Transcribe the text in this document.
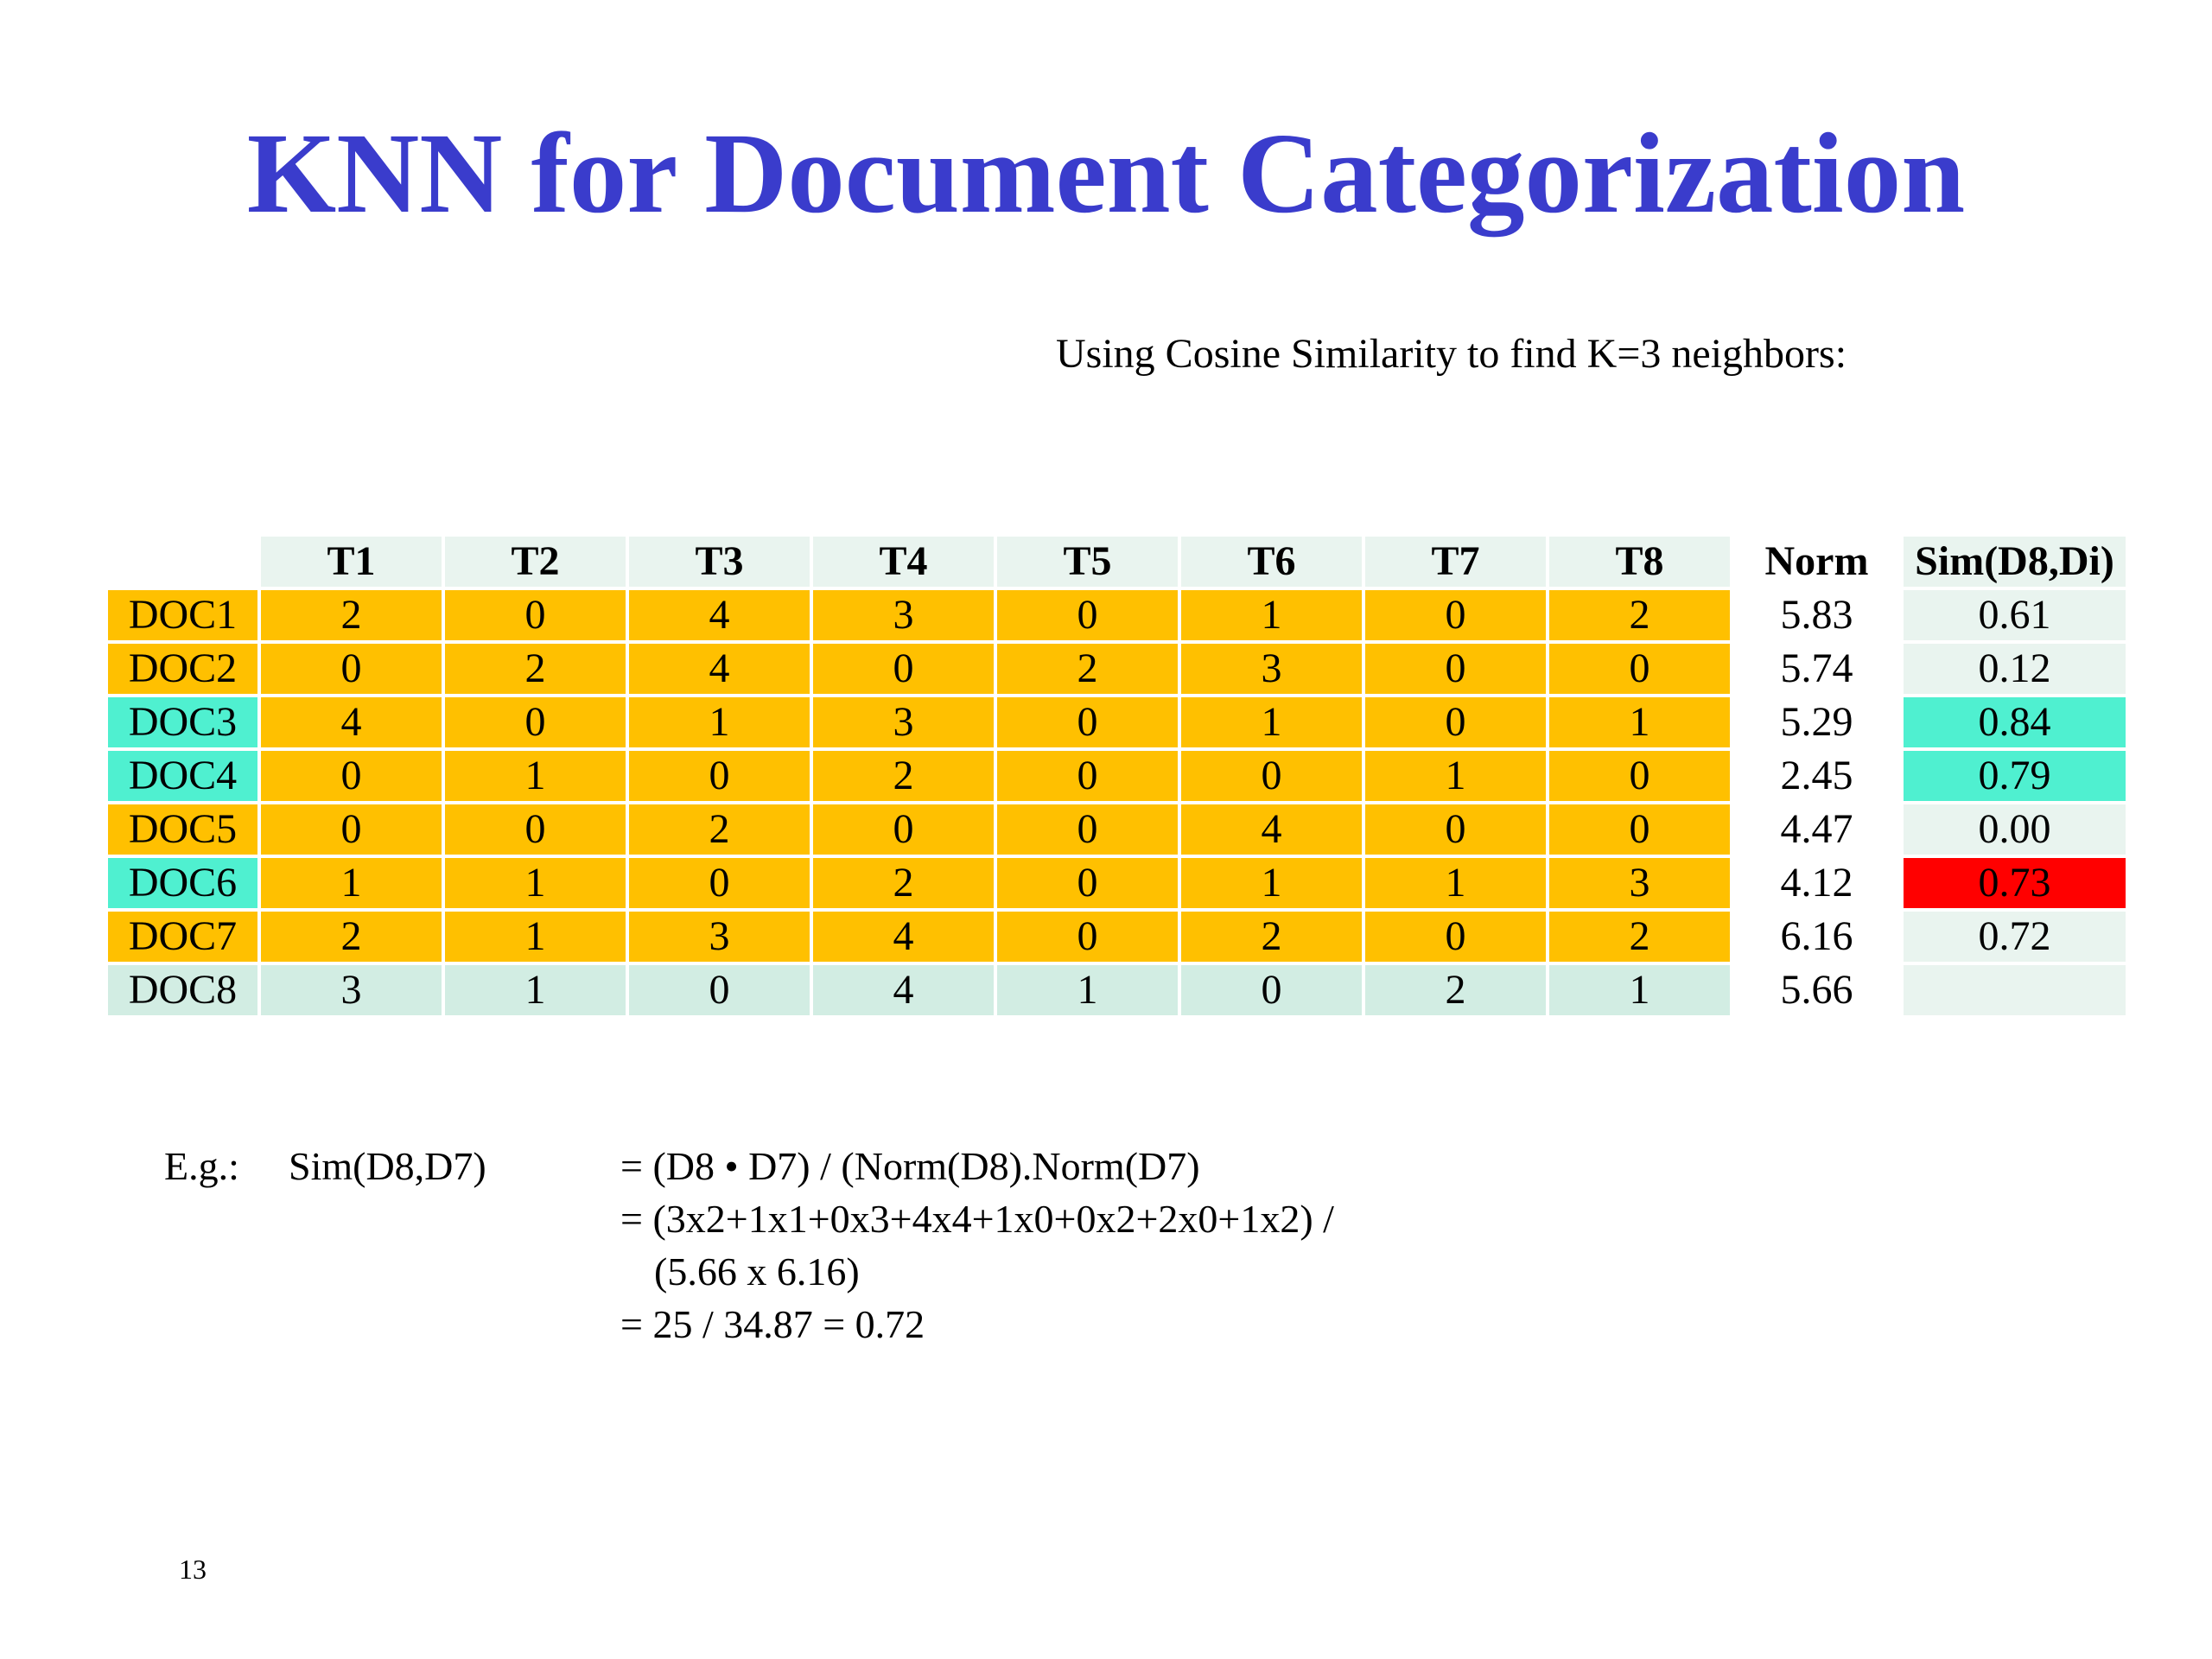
KNN for Document Categorization
Using Cosine Similarity to find K=3 neighbors:
	T1	T2	T3	T4	T5	T6	T7	T8	Norm	Sim(D8,Di)
DOC1	2	0	4	3	0	1	0	2	5.83	0.61
DOC2	0	2	4	0	2	3	0	0	5.74	0.12
DOC3	4	0	1	3	0	1	0	1	5.29	0.84
DOC4	0	1	0	2	0	0	1	0	2.45	0.79
DOC5	0	0	2	0	0	4	0	0	4.47	0.00
DOC6	1	1	0	2	0	1	1	3	4.12	0.73
DOC7	2	1	3	4	0	2	0	2	6.16	0.72
DOC8	3	1	0	4	1	0	2	1	5.66	
E.g.: Sim(D8,D7)	= (D8 • D7) / (Norm(D8).Norm(D7)
= (3x2+1x1+0x3+4x4+1x0+0x2+2x0+1x2) /
(5.66 x 6.16)
= 25 / 34.87 = 0.72
13
